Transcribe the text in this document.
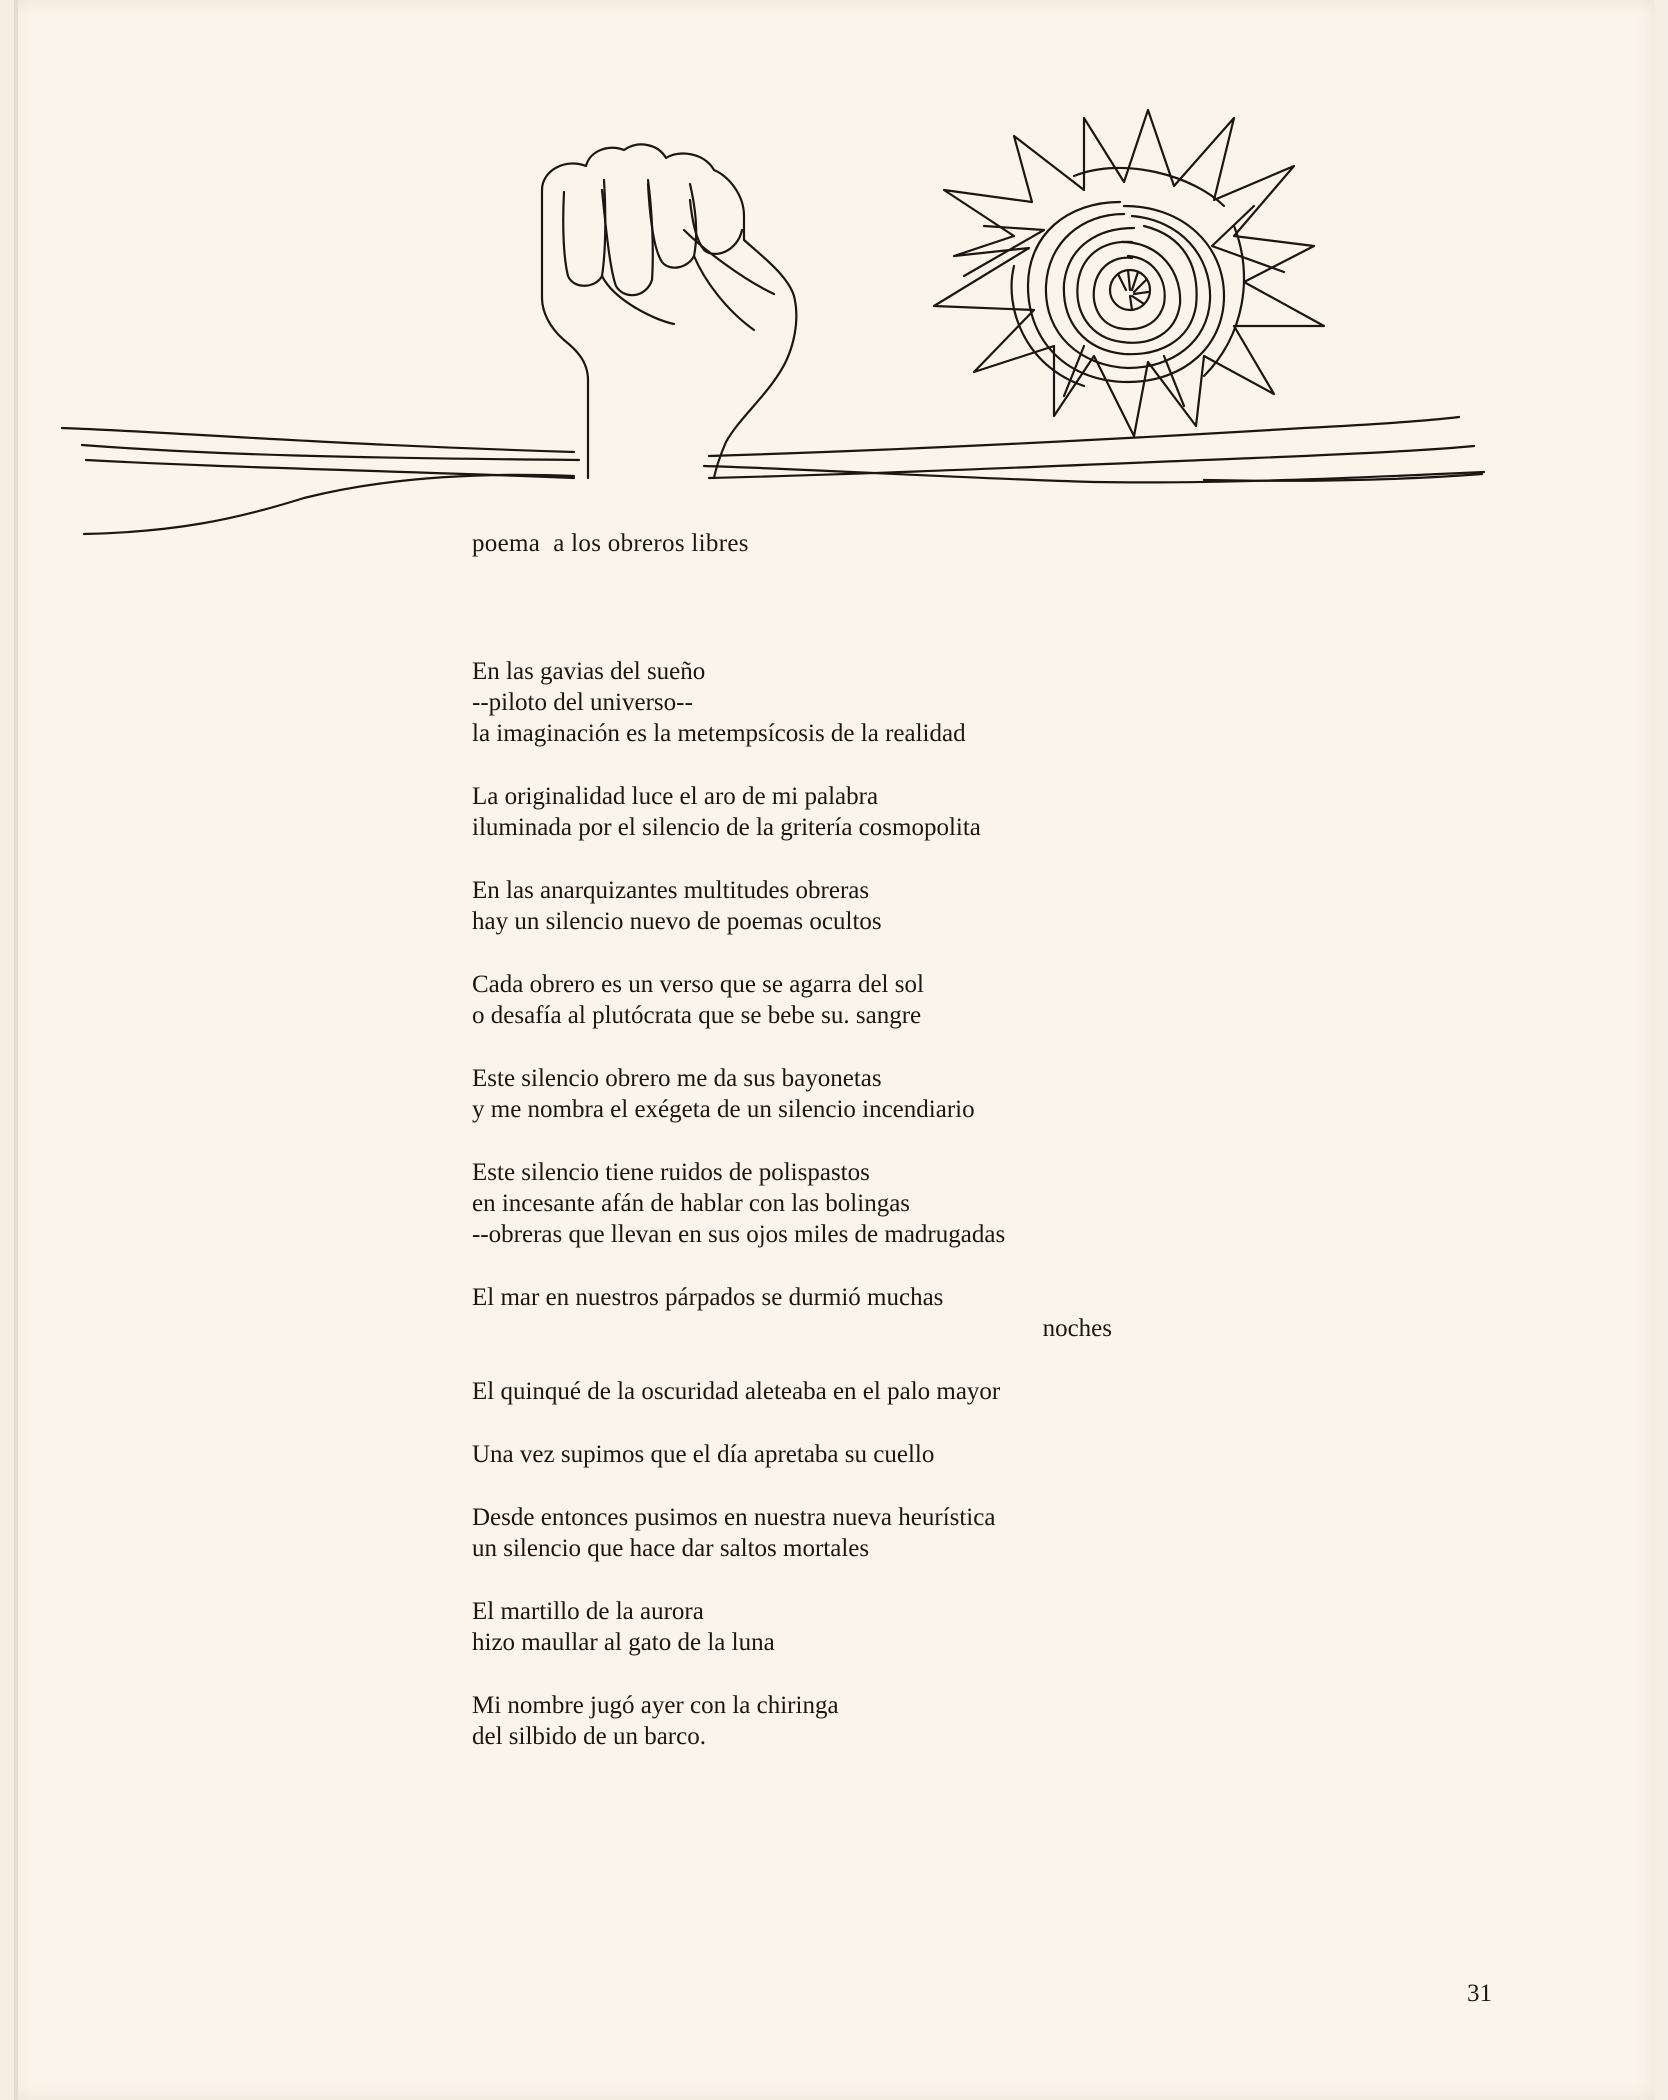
poema  a los obreros libres
En las gavias del sueño
--piloto del universo--
la imaginación es la metempsícosis de la realidad
La originalidad luce el aro de mi palabra
iluminada por el silencio de la gritería cosmopolita
En las anarquizantes multitudes obreras
hay un silencio nuevo de poemas ocultos
Cada obrero es un verso que se agarra del sol
o desafía al plutócrata que se bebe su. sangre
Este silencio obrero me da sus bayonetas
y me nombra el exégeta de un silencio incendiario
Este silencio tiene ruidos de polispastos
en incesante afán de hablar con las bolingas
--obreras que llevan en sus ojos miles de madrugadas
El mar en nuestros párpados se durmió muchas
noches
El quinqué de la oscuridad aleteaba en el palo mayor
Una vez supimos que el día apretaba su cuello
Desde entonces pusimos en nuestra nueva heurística
un silencio que hace dar saltos mortales
El martillo de la aurora
hizo maullar al gato de la luna
Mi nombre jugó ayer con la chiringa
del silbido de un barco.
31
